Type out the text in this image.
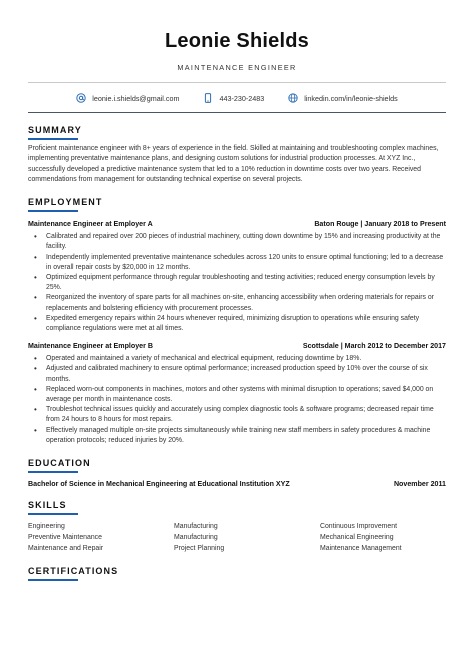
Leonie Shields
MAINTENANCE ENGINEER
leonie.i.shields@gmail.com	443-230-2483	linkedin.com/in/leonie-shields
SUMMARY

Proficient maintenance engineer with 8+ years of experience in the field. Skilled at maintaining and troubleshooting complex machines, implementing preventative maintenance plans, and designing custom solutions for industrial production processes. At XYZ Inc., successfully developed a predictive maintenance system that led to a 10% reduction in downtime costs over two years. Received commendations from management for outstanding technical expertise on several projects.

EMPLOYMENT
Maintenance Engineer at Employer A	Baton Rouge | January 2018 to Present
• Calibrated and repaired over 200 pieces of industrial machinery, cutting down downtime by 15% and increasing productivity at the facility.
• Independently implemented preventative maintenance schedules across 120 units to ensure optimal functioning; led to a decrease in overall repair costs by $20,000 in 12 months.
• Optimized equipment performance through regular troubleshooting and testing activities; reduced energy consumption levels by 25%.
• Reorganized the inventory of spare parts for all machines on-site, enhancing accessibility when ordering materials for repairs or replacements and bolstering efficiency with procurement processes.
• Expedited emergency repairs within 24 hours whenever required, minimizing disruption to operations while ensuring safety compliance regulations were met at all times.
Maintenance Engineer at Employer B	Scottsdale | March 2012 to December 2017
• Operated and maintained a variety of mechanical and electrical equipment, reducing downtime by 18%.
• Adjusted and calibrated machinery to ensure optimal performance; increased production speed by 10% over the course of six months.
• Replaced worn-out components in machines, motors and other systems with minimal disruption to operations; saved $4,000 on average per month in maintenance costs.
• Troubleshot technical issues quickly and accurately using complex diagnostic tools & software programs; decreased repair time from 24 hours to 8 hours for most repairs.
• Effectively managed multiple on-site projects simultaneously while training new staff members in safety procedures & machine operation protocols; reduced injuries by 20%.
EDUCATION
Bachelor of Science in Mechanical Engineering at Educational Institution XYZ	November 2011
SKILLS
Engineering	Manufacturing	Continuous Improvement
Preventive Maintenance	Manufacturing	Mechanical Engineering
Maintenance and Repair	Project Planning	Maintenance Management
CERTIFICATIONS
